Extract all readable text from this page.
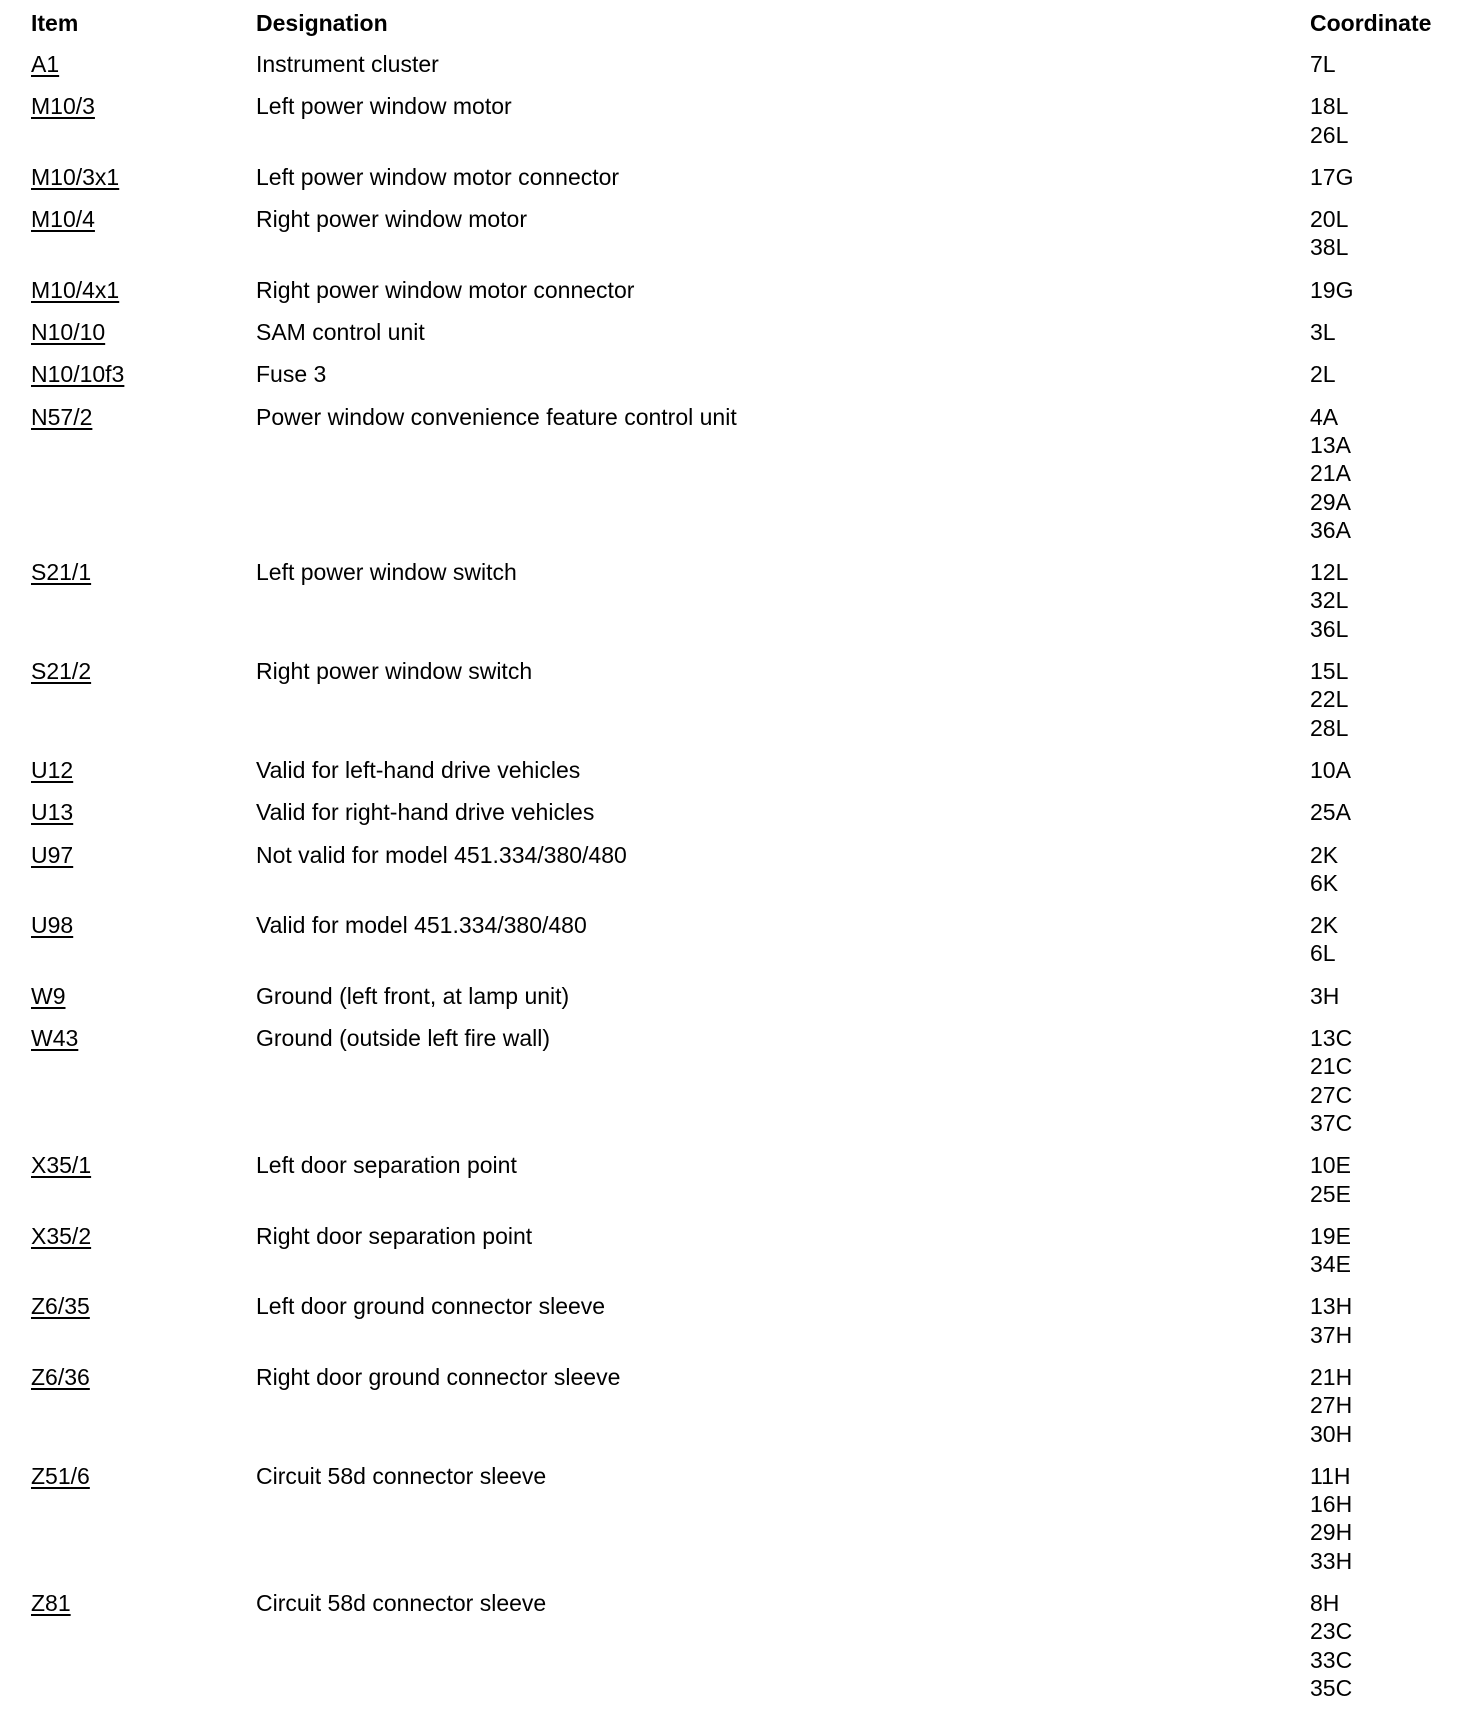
Item	Designation	Coordinate
A1	Instrument cluster	7L
M10/3	Left power window motor	18L
26L
M10/3x1	Left power window motor connector	17G
M10/4	Right power window motor	20L
38L
M10/4x1	Right power window motor connector	19G
N10/10	SAM control unit	3L
N10/10f3	Fuse 3	2L
N57/2	Power window convenience feature control unit	4A
13A
21A
29A
36A
S21/1	Left power window switch	12L
32L
36L
S21/2	Right power window switch	15L
22L
28L
U12	Valid for left-hand drive vehicles	10A
U13	Valid for right-hand drive vehicles	25A
U97	Not valid for model 451.334/380/480	2K
6K
U98	Valid for model 451.334/380/480	2K
6L
W9	Ground (left front, at lamp unit)	3H
W43	Ground (outside left fire wall)	13C
21C
27C
37C
X35/1	Left door separation point	10E
25E
X35/2	Right door separation point	19E
34E
Z6/35	Left door ground connector sleeve	13H
37H
Z6/36	Right door ground connector sleeve	21H
27H
30H
Z51/6	Circuit 58d connector sleeve	11H
16H
29H
33H
Z81	Circuit 58d connector sleeve	8H
23C
33C
35C
